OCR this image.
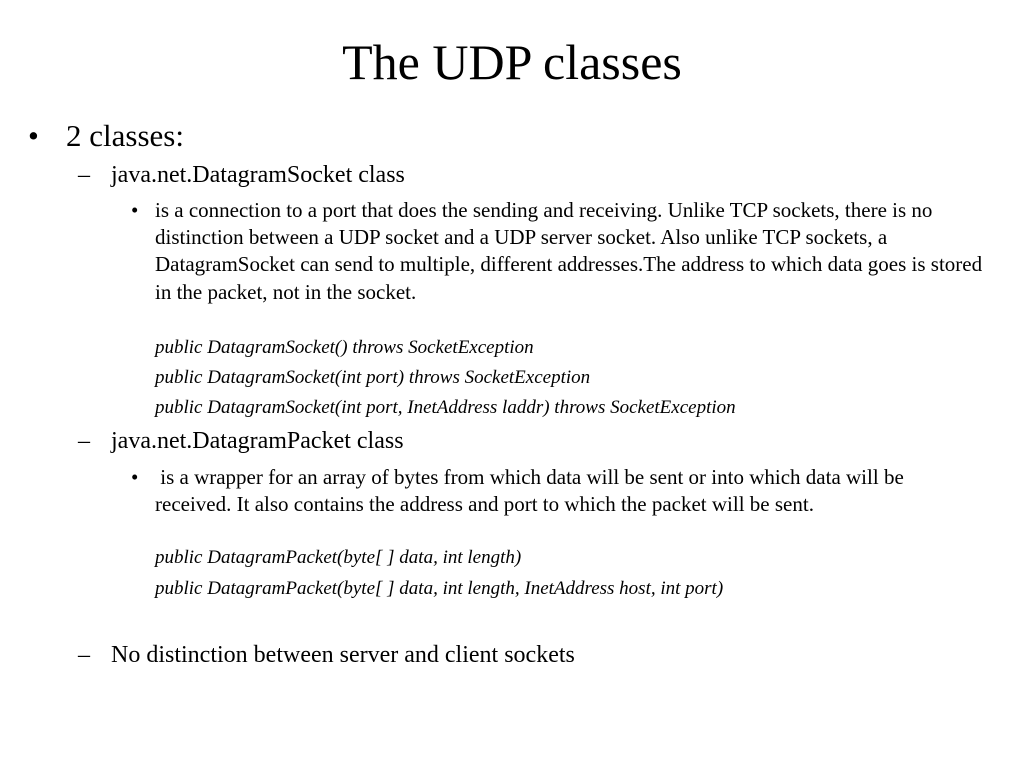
The UDP classes
• 2 classes:
– java.net.DatagramSocket class
• is a connection to a port that does the sending and receiving. Unlike TCP sockets, there is no distinction between a UDP socket and a UDP server socket. Also unlike TCP sockets, a DatagramSocket can send to multiple, different addresses.The address to which data goes is stored in the packet, not in the socket.
public DatagramSocket() throws SocketException
public DatagramSocket(int port) throws SocketException
public DatagramSocket(int port, InetAddress laddr) throws SocketException
– java.net.DatagramPacket class
• is a wrapper for an array of bytes from which data will be sent or into which data will be received. It also contains the address and port to which the packet will be sent.
public DatagramPacket(byte[ ] data, int length)
public DatagramPacket(byte[ ] data, int length, InetAddress host, int port)
– No distinction between server and client sockets
